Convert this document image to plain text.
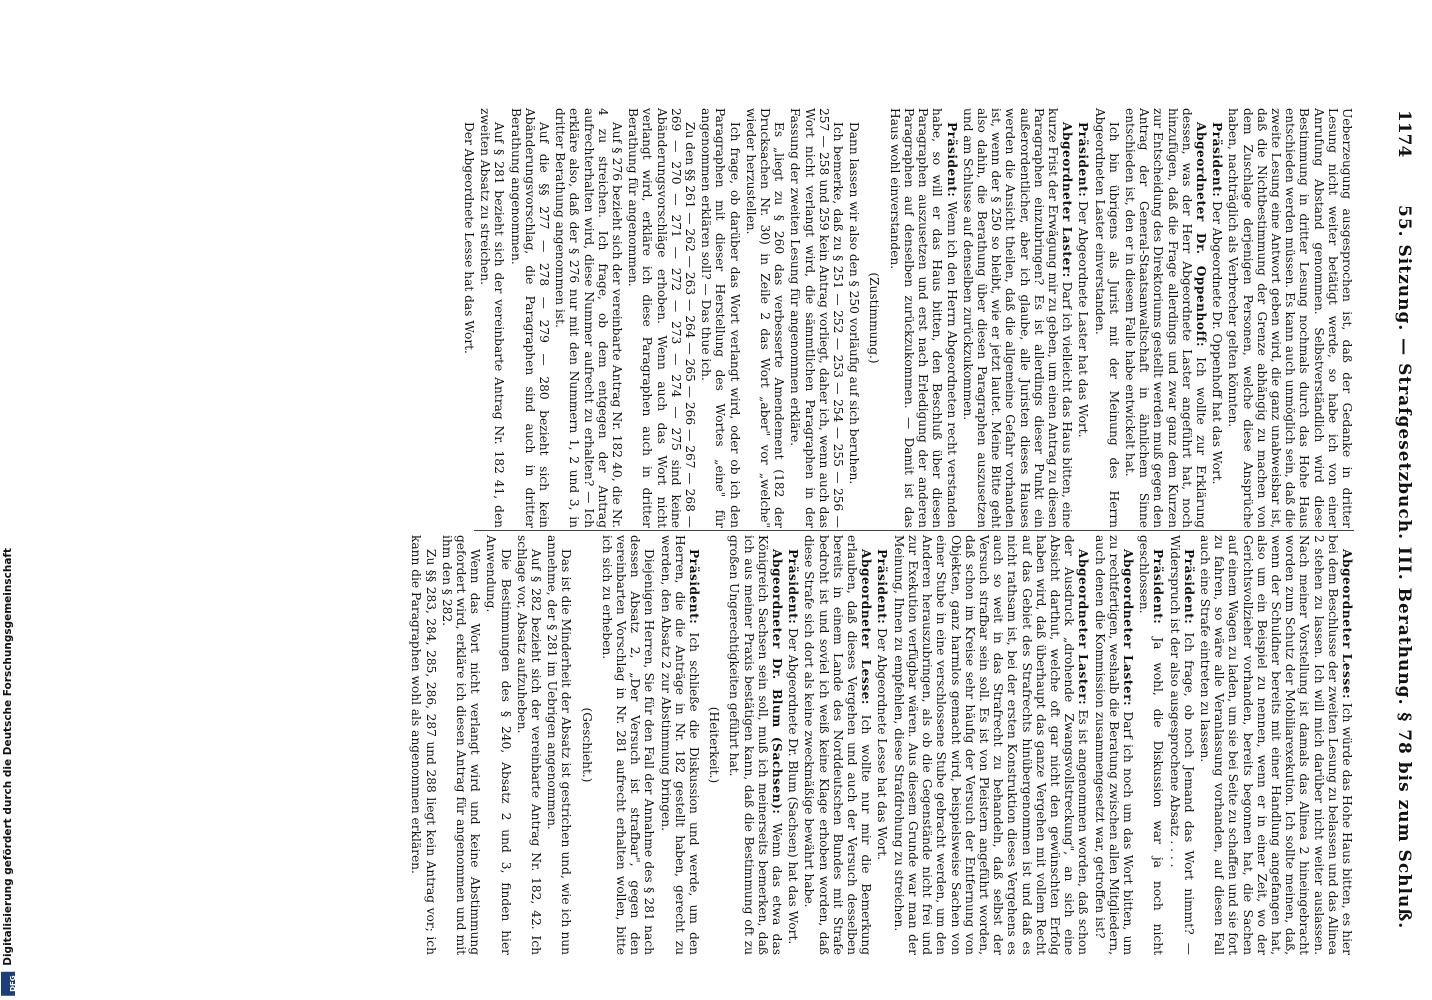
DFG
Digitalisierung gefördert durch die Deutsche Forschungsgemeinschaft
1174
55. Sitzung. — Strafgesetzbuch. III. Berathung. § 78 bis zum Schluß.

Ueberzeugung ausgesprochen ist, daß der Gedanke in dritter Lesung nicht weiter betätigt werde, so habe ich von einer Anrufung Abstand genommen. Selbstverständlich wird diese Bestimmung in dritter Lesung nochmals durch das Hohe Haus entschieden werden müssen. Es kann auch unmöglich sein, daß die zweite Lesung eine Antwort geben wird, die ganz unabweisbar ist, daß die Nichtbestimmung der Grenze abhängig zu machen von dem Zuschlage derjenigen Personen, welche diese Ansprüche haben, nachträglich als Verbrecher gelten könnten.

Präsident: Der Abgeordnete Dr. Oppenhoff hat das Wort.

Abgeordneter Dr. Oppenhoff: Ich wollte zur Erklärung dessen, was der Herr Abgeordnete Laster angeführt hat, noch hinzufügen, daß die Frage allerdings und zwar ganz dem Kurzen zur Entscheidung des Direktoriums gestellt werden muß gegen den Antrag der General-Staatsanwaltschaft in ähnlichem Sinne entschieden ist, den er in diesem Falle habe entwickelt hat.

Ich bin übrigens als Jurist mit der Meinung des Herrn Abgeordneten Laster einverstanden.

Präsident: Der Abgeordnete Laster hat das Wort.

Abgeordneter Laster: Darf ich vielleicht das Haus bitten, eine kurze Frist der Erwägung mir zu geben, um einen Antrag zu diesen Paragraphen einzubringen? Es ist allerdings dieser Punkt ein außerordentlicher, aber ich glaube, alle Juristen dieses Hauses werden die Ansicht theilen, daß die allgemeine Gefahr vorhanden ist, wenn der § 250 so bleibt, wie er jetzt lautet. Meine Bitte geht also dahin, die Berathung über diesen Paragraphen auszusetzen und am Schlusse auf denselben zurückzukommen.

Präsident: Wenn ich den Herrn Abgeordneten recht verstanden habe, so will er das Haus bitten, den Beschluß über diesen Paragraphen auszusetzen und erst nach Erledigung der anderen Paragraphen auf denselben zurückzukommen. — Damit ist das Haus wohl einverstanden.

(Zustimmung.)

Dann lassen wir also den § 250 vorläufig auf sich beruhen.

Ich bemerke, daß zu § 251 — 252 — 253 — 254 — 255 — 256 — 257 — 258 und 259 kein Antrag vorliegt, daher ich, wenn auch das Wort nicht verlangt wird, die sämmtlichen Paragraphen in der Fassung der zweiten Lesung für angenommen erkläre.

Es „liegt zu § 260 das verbesserte Amendement (182 der Drucksachen Nr. 30) in Zeile 2 das Wort „aber" vor „welche" wieder herzustellen.

Ich frage, ob darüber das Wort verlangt wird, oder ob ich den Paragraphen mit dieser Herstellung des Wortes „eine" für angenommen erklären soll? — Das thue ich.

Zu den §§ 261 — 262 — 263 — 264 — 265 — 266 — 267 — 268 — 269 — 270 — 271 — 272 — 273 — 274 — 275 sind keine Abänderungsvorschläge erhoben. Wenn auch das Wort nicht verlangt wird, erkläre ich diese Paragraphen auch in dritter Berathung für angenommen.

Auf § 276 bezieht sich der vereinbarte Antrag Nr. 182 40, die Nr. 4 zu streichen. Ich frage, ob dem entgegen der Antrag aufrechterhalten wird, diese Nummer aufrecht zu erhalten? — Ich erkläre also, daß der § 276 nur mit den Nummern 1, 2 und 3, in dritter Berathung angenommen ist.

Auf die §§ 277 — 278 — 279 — 280 bezieht sich kein Abänderungsvorschlag, die Paragraphen sind auch in dritter Berathung angenommen.

Auf § 281 bezieht sich der vereinbarte Antrag Nr. 182 41, den zweiten Absatz zu streichen.

Der Abgeordnete Lesse hat das Wort.

Abgeordneter Lesse: Ich würde das Hohe Haus bitten, es hier bei dem Beschlusse der zweiten Lesung zu belassen und das Alinea 2 stehen zu lassen. Ich will mich darüber nicht weiter auslassen. Nach meiner Vorstellung ist damals das Alinea 2 hineingebracht worden zum Schutz der Mobiliarexekution. Ich sollte meinen, daß, wenn der Schuldner bereits mit einer Handlung angefangen hat, also um ein Beispiel zu nennen, wenn er in einer Zeit, wo der Gerichtsvollzieher vorhanden, bereits begonnen hat, die Sachen auf einem Wagen zu laden, um sie bei Seite zu schaffen und sie fort zu fahren, so wäre alle Veranlassung vorhanden, auf diesen Fall auch eine Strafe eintreten zu lassen.

Präsident: Ich frage, ob noch Jemand das Wort nimmt? — Widerspruch ist der also ausgesprochene Absatz . . . .

Präsident: Ja wohl, die Diskussion war ja noch nicht geschlossen.

Abgeordneter Laster: Darf ich noch um das Wort bitten, um zu rechtfertigen, weshalb die Beratung zwischen allen Mitgliedern, auch denen die Kommission zusammengesetzt war, getroffen ist?

Abgeordneter Laster: Es ist angenommen worden, daß schon der Ausdruck „drohende Zwangsvollstreckung", an sich eine Absicht darthut, welche oft gar nicht den gewünschten Erfolg haben wird, daß überhaupt das ganze Vergehen mit vollem Recht auf das Gebiet des Strafrechts hinübergenommen ist und daß es nicht rathsam ist, bei der ersten Konstruktion dieses Vergehens es auch so weit in das Strafrecht zu behandeln, daß selbst der Versuch strafbar sein soll. Es ist von Pleistern angeführt worden, daß schon im Kreise sehr häufig der Versuch der Entfernung von Objekten, ganz harmlos gemacht wird, beispielsweise Sachen von einer Stube in eine verschlossene Stube gebracht werden, um den Anderen herauszubringen, als ob die Gegenstände nicht frei und zur Exekution verfügbar wären. Aus diesem Grunde war man der Meinung, Ihnen zu empfehlen, diese Strafdrohung zu streichen.

Präsident: Der Abgeordnete Lesse hat das Wort.

Abgeordneter Lesse: Ich wollte nur mir die Bemerkung erlauben, daß dieses Vergehen und auch der Versuch desselben bereits in einem Lande des Norddeutschen Bundes mit Strafe bedroht ist und soviel ich weiß keine Klage erhoben worden, daß diese Strafe sich dort als keine zweckmäßige bewährt habe.

Präsident: Der Abgeordnete Dr. Blum (Sachsen) hat das Wort.

Abgeordneter Dr. Blum (Sachsen): Wenn das etwa das Königreich Sachsen sein soll, muß ich meinerseits bemerken, daß ich aus meiner Praxis bestätigen kann, daß die Bestimmung oft zu großen Ungerechtigkeiten geführt hat.

(Heiterkeit.)

Präsident: Ich schließe die Diskussion und werde, um den Herren, die die Anträge in Nr. 182 gestellt haben, gerecht zu werden, den Absatz 2 zur Abstimmung bringen.

Diejenigen Herren, Sie für den Fall der Annahme des § 281 nach dessen Absatz 2, „Der Versuch ist strafbar", gegen den vereinbarten Vorschlag in Nr. 281 aufrecht erhalten wollen, bitte ich sich zu erheben.

(Geschieht.)

Das ist die Minderheit der Absatz ist gestrichen und, wie ich nun annehme, der § 281 im Uebrigen angenommen.

Auf § 282 bezieht sich der vereinbarte Antrag Nr. 182, 42. Ich schlage vor, Absatz aufzuheben.

Die Bestimmungen des § 240, Absatz 2 und 3, finden hier Anwendung.

Wenn das Wort nicht verlangt wird und keine Abstimmung gefordert wird, erkläre ich diesen Antrag für angenommen und mit ihm den § 282.

Zu §§ 283, 284, 285, 286, 287 und 288 liegt kein Antrag vor; ich kann die Paragraphen wohl als angenommen erklären.
